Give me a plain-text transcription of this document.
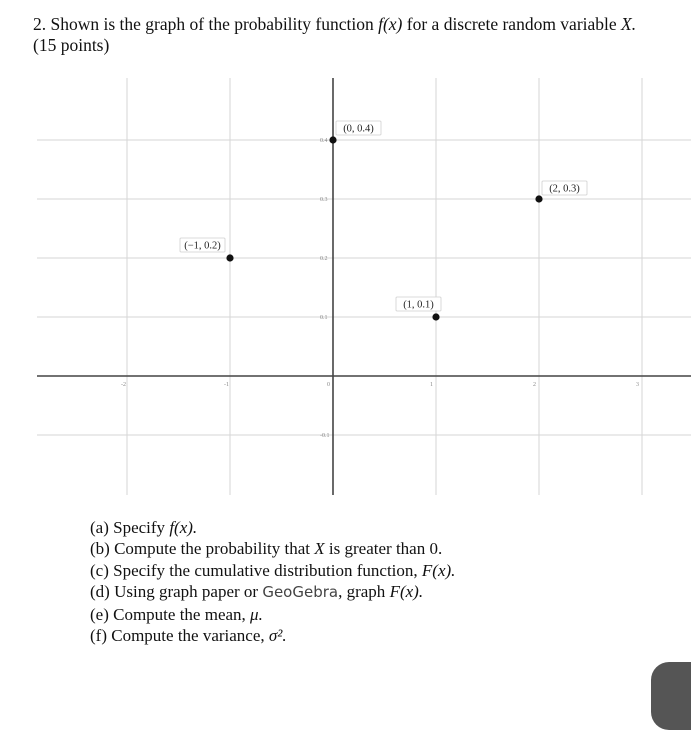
2. Shown is the graph of the probability function f(x) for a discrete random variable X.
(15 points)
-2	-1	0	1	2	3
-0.1
0.1
0.2
0.3
0.4
(−1, 0.2)
(0, 0.4)
(1, 0.1)
(2, 0.3)
(a) Specify f(x).
(b) Compute the probability that X is greater than 0.
(c) Specify the cumulative distribution function, F(x).
(d) Using graph paper or GeoGebra, graph F(x).
(e) Compute the mean, μ.
(f) Compute the variance, σ².
